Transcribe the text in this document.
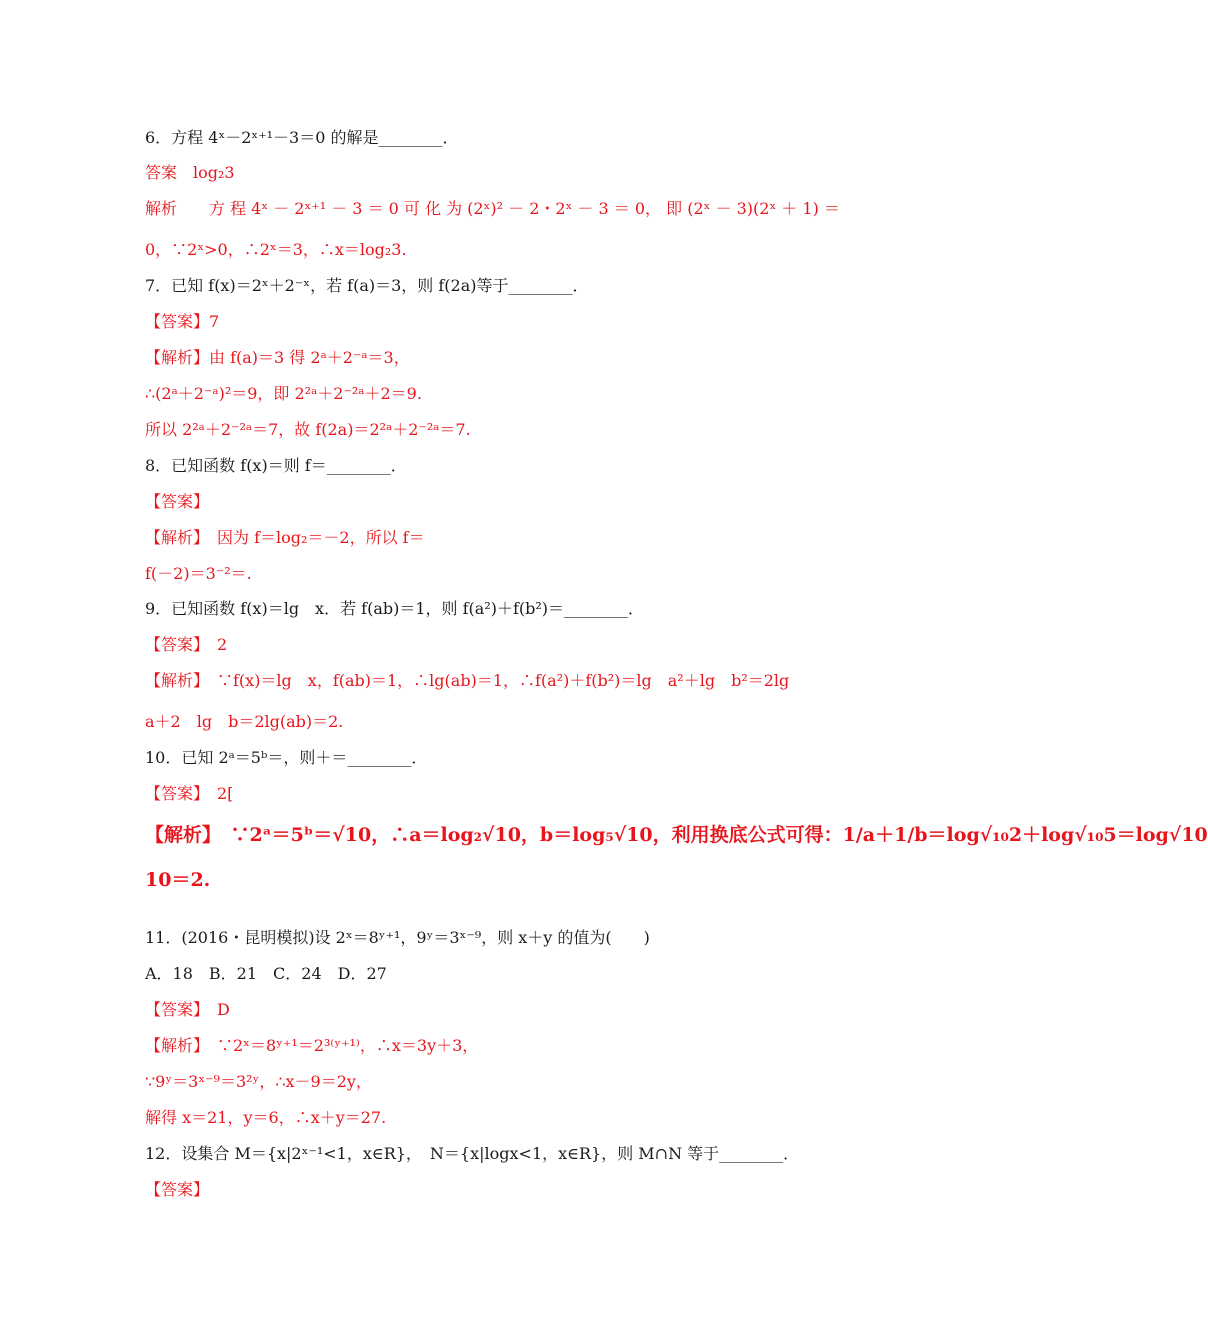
6．方程 4ˣ－2ˣ⁺¹－3＝0 的解是________．
答案　log₂3
解析　　方 程 4ˣ － 2ˣ⁺¹ － 3 ＝ 0 可 化 为 (2ˣ)² － 2・2ˣ － 3 ＝ 0， 即 (2ˣ － 3)(2ˣ ＋ 1) ＝
0，∵2ˣ>0，∴2ˣ＝3，∴x＝log₂3.
7．已知 f(x)＝2ˣ＋2⁻ˣ，若 f(a)＝3，则 f(2a)等于________．
【答案】7
【解析】由 f(a)＝3 得 2ᵃ＋2⁻ᵃ＝3，
∴(2ᵃ＋2⁻ᵃ)²＝9，即 2²ᵃ＋2⁻²ᵃ＋2＝9.
所以 2²ᵃ＋2⁻²ᵃ＝7，故 f(2a)＝2²ᵃ＋2⁻²ᵃ＝7.
8．已知函数 f(x)＝则 f＝________．
【答案】
【解析】　因为 f＝log₂＝－2，所以 f＝
f(－2)＝3⁻²＝.
9．已知函数 f(x)＝lg　x．若 f(ab)＝1，则 f(a²)＋f(b²)＝________．
【答案】　2
【解析】　∵f(x)＝lg　x，f(ab)＝1，∴lg(ab)＝1，∴f(a²)＋f(b²)＝lg　a²＋lg　b²＝2lg
a＋2　lg　b＝2lg(ab)＝2.
10．已知 2ᵃ＝5ᵇ＝，则＋＝________．
【答案】　2[
【解析】　∵2ᵃ＝5ᵇ＝√10，∴a＝log₂√10，b＝log₅√10，利用换底公式可得：1/a＋1/b＝log√₁₀2＋log√₁₀5＝log√10
10＝2.
11．(2016・昆明模拟)设 2ˣ＝8ʸ⁺¹，9ʸ＝3ˣ⁻⁹，则 x＋y 的值为(　　)
A．18　B．21　C．24　D．27
【答案】　D
【解析】　∵2ˣ＝8ʸ⁺¹＝2³⁽ʸ⁺¹⁾，∴x＝3y＋3，
∵9ʸ＝3ˣ⁻⁹＝3²ʸ，∴x－9＝2y，
解得 x＝21，y＝6，∴x＋y＝27.
12．设集合 M＝{x|2ˣ⁻¹<1，x∈R}，　N＝{x|logx<1，x∈R}，则 M∩N 等于________．
【答案】
